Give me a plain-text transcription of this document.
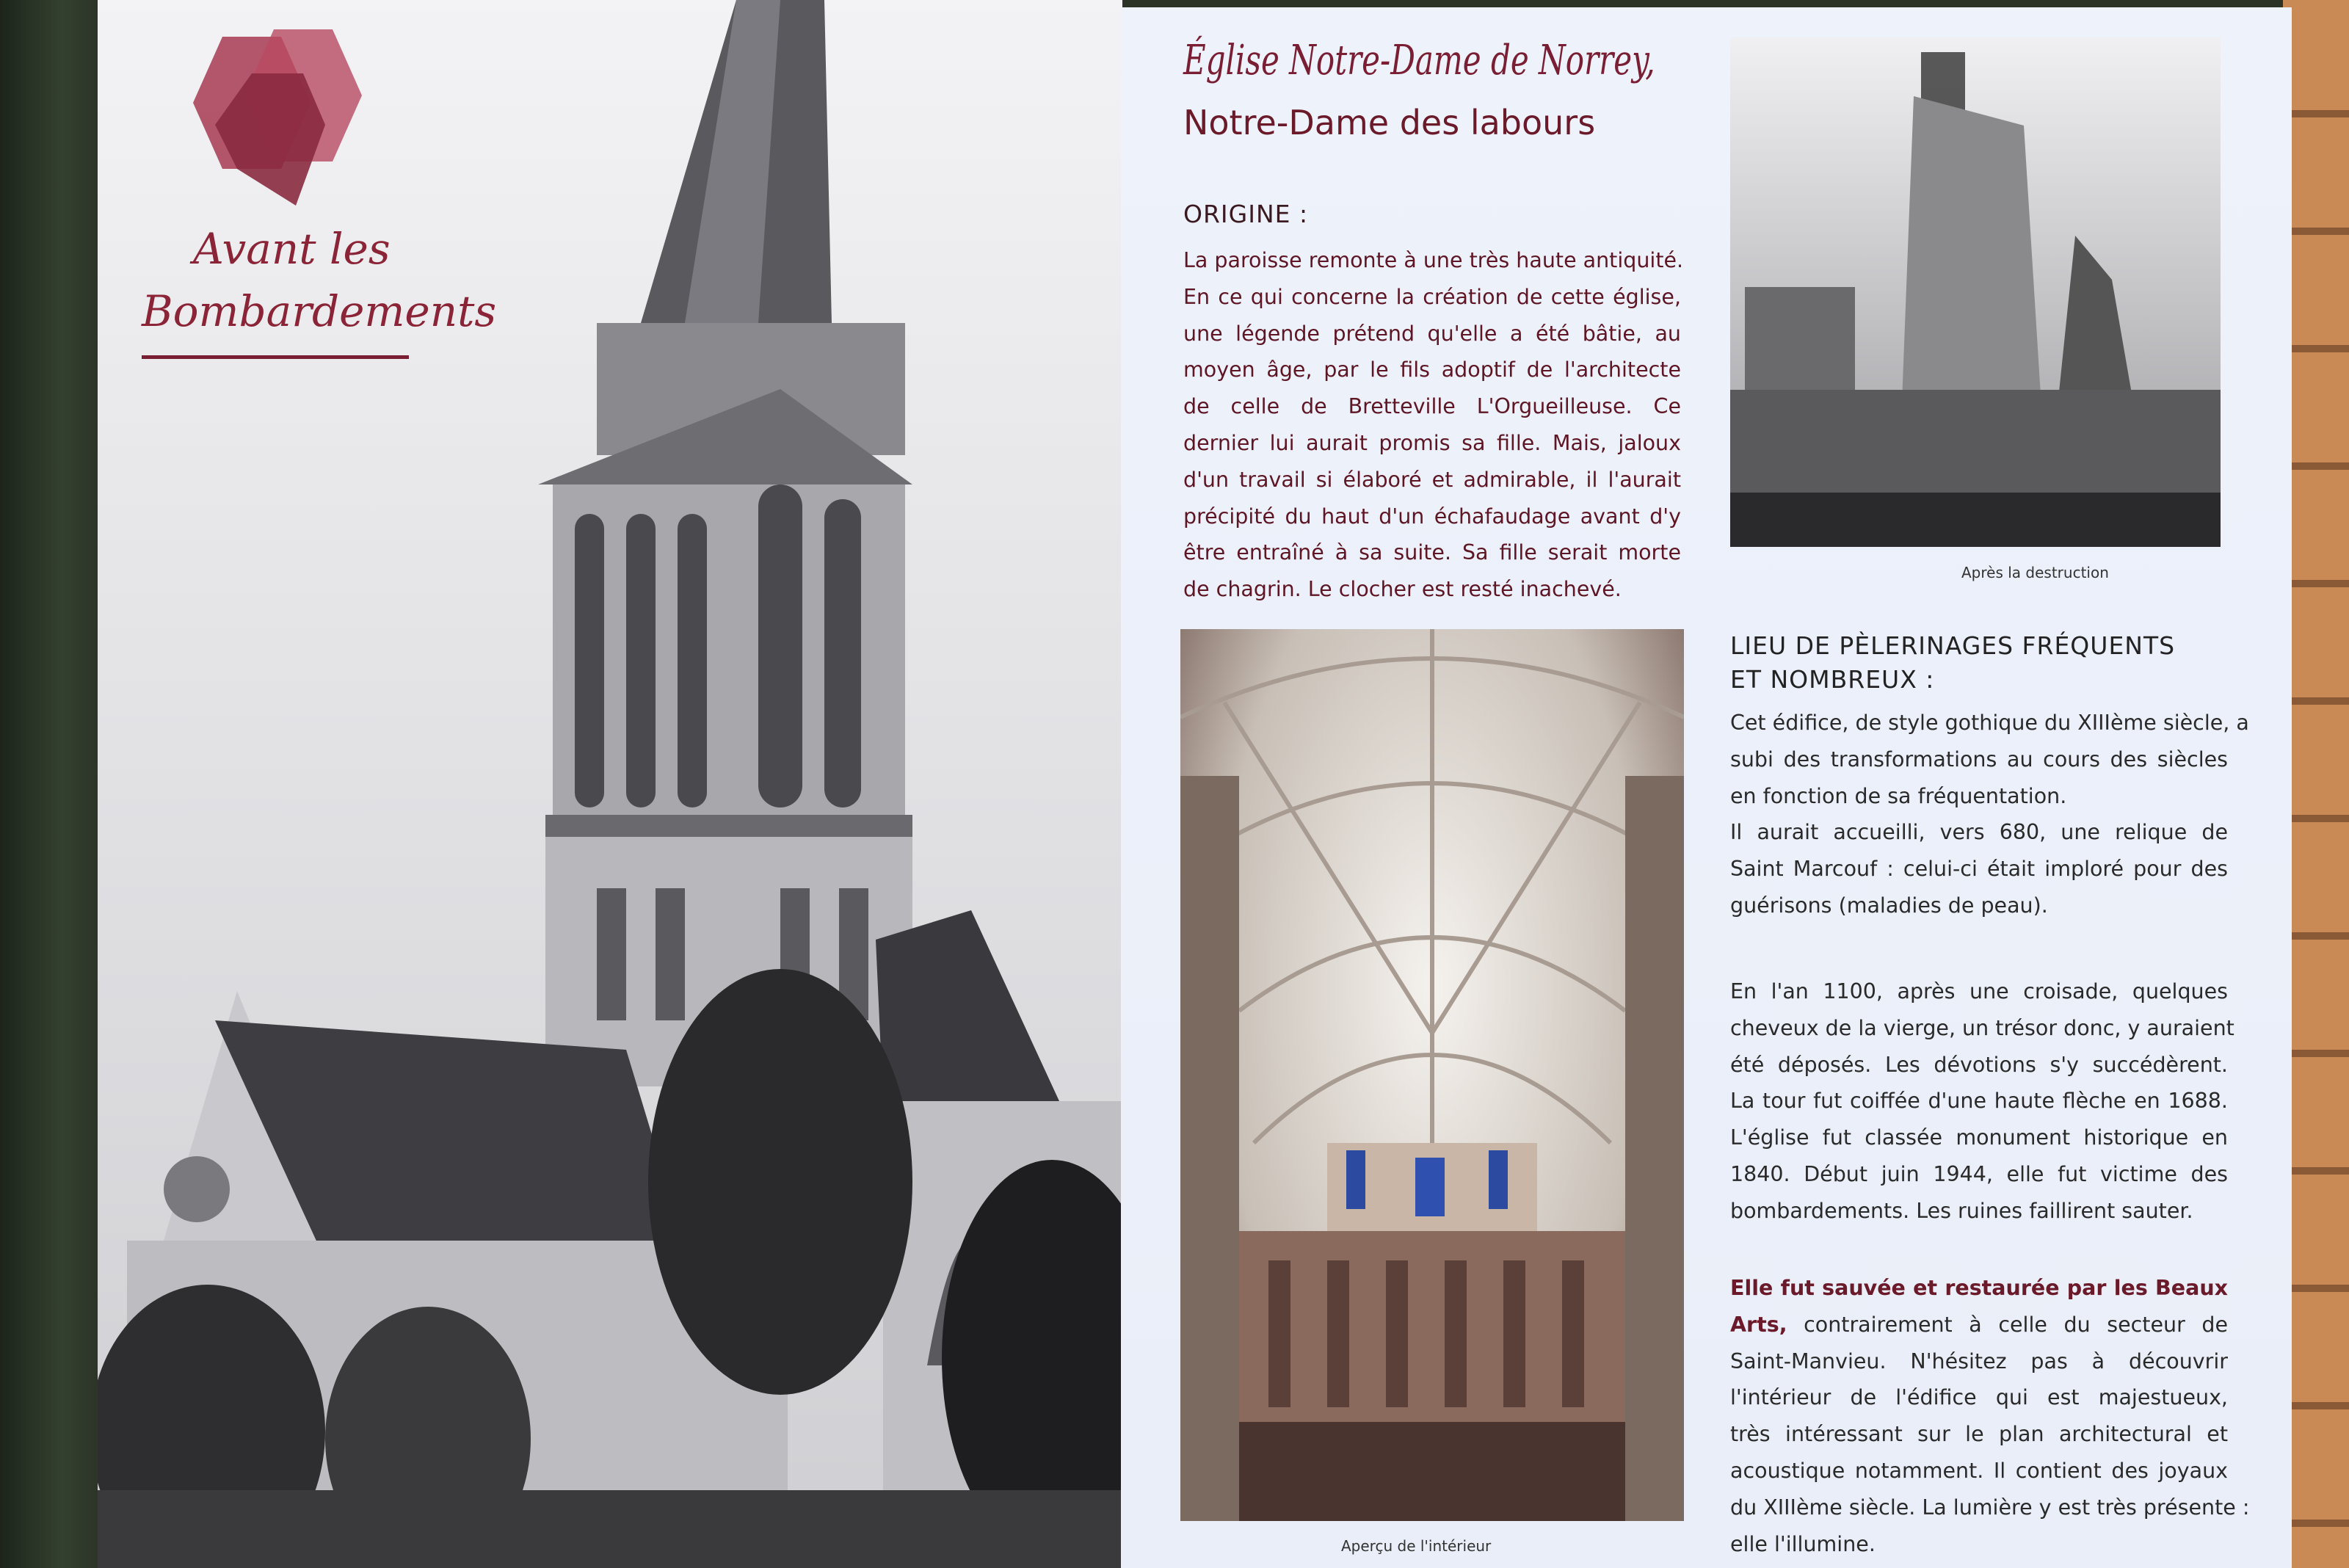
Avant les
Bombardements
Église Notre-Dame de Norrey,
Notre-Dame des labours
ORIGINE :
La paroisse remonte à une très haute antiquité.
En ce qui concerne la création de cette église,
une légende prétend qu'elle a été bâtie, au
moyen âge, par le fils adoptif de l'architecte
de celle de Bretteville L'Orgueilleuse. Ce
dernier lui aurait promis sa fille. Mais, jaloux
d'un travail si élaboré et admirable, il l'aurait
précipité du haut d'un échafaudage avant d'y
être entraîné à sa suite. Sa fille serait morte
de chagrin. Le clocher est resté inachevé.
Après la destruction
Aperçu de l'intérieur
LIEU DE PÈLERINAGES FRÉQUENTS
ET NOMBREUX :
Cet édifice, de style gothique du XIIIème siècle, a
subi des transformations au cours des siècles
en fonction de sa fréquentation.
Il aurait accueilli, vers 680, une relique de
Saint Marcouf : celui-ci était imploré pour des
guérisons (maladies de peau).
En l'an 1100, après une croisade, quelques
cheveux de la vierge, un trésor donc, y auraient
été déposés. Les dévotions s'y succédèrent.
La tour fut coiffée d'une haute flèche en 1688.
L'église fut classée monument historique en
1840. Début juin 1944, elle fut victime des
bombardements. Les ruines faillirent sauter.
Elle fut sauvée et restaurée par les Beaux
Arts, contrairement à celle du secteur de
Saint-Manvieu. N'hésitez pas à découvrir
l'intérieur de l'édifice qui est majestueux,
très intéressant sur le plan architectural et
acoustique notamment. Il contient des joyaux
du XIIIème siècle. La lumière y est très présente :
elle l'illumine.
